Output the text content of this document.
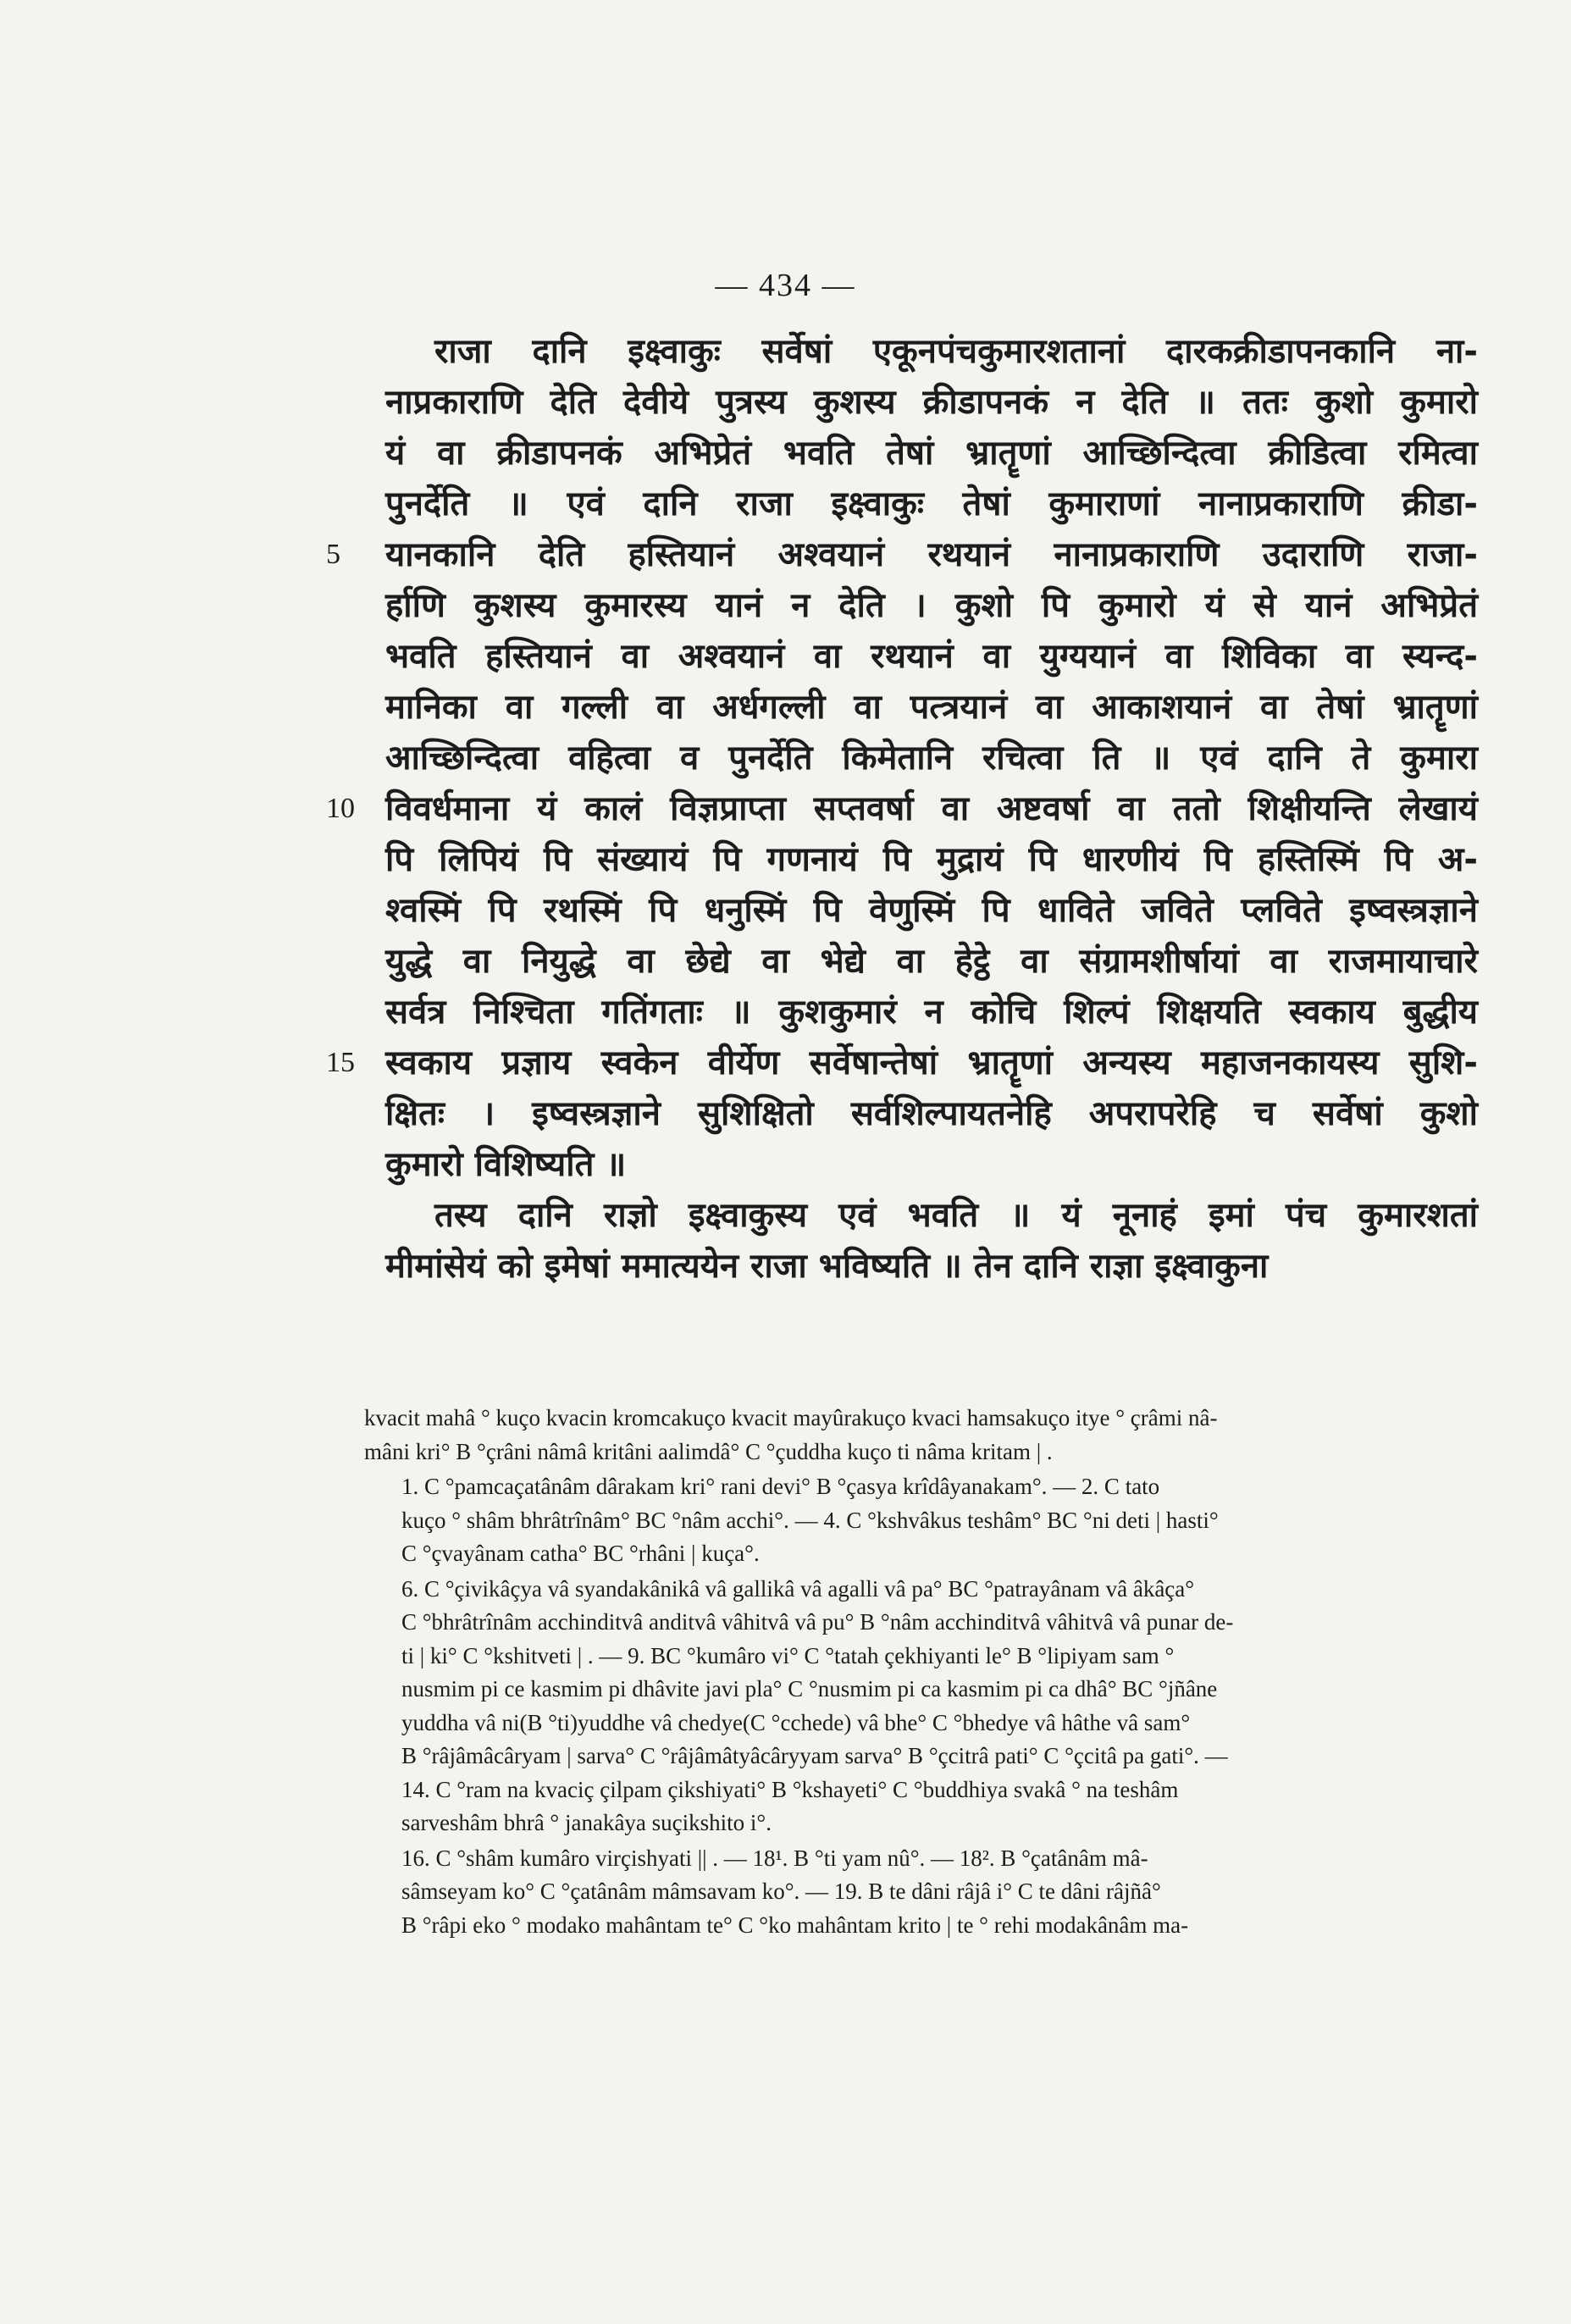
— 434 —
राजा दानि इक्ष्वाकुः सर्वेषां एकूनपंचकुमारशतानां दारकक्रीडापनकानि ना-
नाप्रकाराणि देति देवीये पुत्रस्य कुशस्य क्रीडापनकं न देति ॥ ततः कुशो कुमारो
यं वा क्रीडापनकं अभिप्रेतं भवति तेषां भ्रातॄणां आच्छिन्दित्वा क्रीडित्वा रमित्वा
पुनर्देति ॥ एवं दानि राजा इक्ष्वाकुः तेषां कुमाराणां नानाप्रकाराणि क्रीडा-
5	यानकानि देति हस्तियानं अश्वयानं रथयानं नानाप्रकाराणि उदाराणि राजा-
र्हाणि कुशस्य कुमारस्य यानं न देति । कुशो पि कुमारो यं से यानं अभिप्रेतं
भवति हस्तियानं वा अश्वयानं वा रथयानं वा युग्ययानं वा शिविका वा स्यन्द-
मानिका वा गल्ली वा अर्धगल्ली वा पत्त्रयानं वा आकाशयानं वा तेषां भ्रातॄणां
आच्छिन्दित्वा वहित्वा व पुनर्देति किमेतानि रचित्वा ति ॥ एवं दानि ते कुमारा
10 विवर्धमाना यं कालं विज्ञप्राप्ता सप्तवर्षा वा अष्टवर्षा वा ततो शिक्षीयन्ति लेखायं
पि लिपियं पि संख्यायं पि गणनायं पि मुद्रायं पि धारणीयं पि हस्तिस्मिं पि अ-
श्वस्मिं पि रथस्मिं पि धनुस्मिं पि वेणुस्मिं पि धावितेे जवितेे प्लवितेे इष्वस्त्रज्ञाने
युद्धे वा नियुद्धे वा छेद्ये वा भेद्ये वा हेट्ठे वा संग्रामशीर्षायां वा राजमायाचारे
सर्वत्र निश्चिता गतिंगताः ॥ कुशकुमारं न कोचि शिल्पं शिक्षयति स्वकाय बुद्धीय
15 स्वकाय प्रज्ञाय स्वकेन वीर्येण सर्वेषान्तेषां भ्रातॄणां अन्यस्य महाजनकायस्य सुशि-
क्षितः । इष्वस्त्रज्ञाने सुशिक्षितो सर्वशिल्पायतनेहि अपरापरेहि च सर्वेषां कुशो
कुमारो विशिष्यति ॥
तस्य दानि राज्ञो इक्ष्वाकुस्य एवं भवति ॥ यं नूनाहं इमां पंच कुमारशतां
मीमांसेयं को इमेषां ममात्ययेन राजा भविष्यति ॥ तेन दानि राज्ञा इक्ष्वाकुना

kvacit mahâ ° kuço kvacin kromcakuço kvacit mayûrakuço kvaci hamsakuço itye ° çrâmi nâ-
mâni kri° B °çrâni nâmâ kritâni aalimdâ° C °çuddha kuço ti nâma kritam | .

1. C °pamcaçatânâm dârakam kri° rani devi° B °çasya krîdâyanakam°. — 2. C tato
kuço ° shâm bhrâtrînâm° BC °nâm acchi°. — 4. C °kshvâkus teshâm° BC °ni deti | hasti°
C °çvayânam catha° BC °rhâni | kuça°.

6. C °çivikâçya vâ syandakânikâ vâ gallikâ vâ agalli vâ pa° BC °patrayânam vâ âkâça°
C °bhrâtrînâm acchinditvâ anditvâ vâhitvâ vâ pu° B °nâm acchinditvâ vâhitvâ vâ punar de-
ti | ki° C °kshitveti | . — 9. BC °kumâro vi° C °tatah çekhiyanti le° B °lipiyam sam °
nusmim pi ce kasmim pi dhâvite javi pla° C °nusmim pi ca kasmim pi ca dhâ° BC °jñâne
yuddha vâ ni(B °ti)yuddhe vâ chedye(C °cchede) vâ bhe° C °bhedye vâ hâthe vâ sam°
B °râjâmâcâryam | sarva° C °râjâmâtyâcâryyam sarva° B °çcitrâ pati° C °çcitâ pa gati°. —
14. C °ram na kvaciç çilpam çikshiyati° B °kshayeti° C °buddhiya svakâ ° na teshâm
sarveshâm bhrâ ° janakâya suçikshito i°.

16. C °shâm kumâro virçishyati || . — 18¹. B °ti yam nû°. — 18². B °çatânâm mâ-
sâmseyam ko° C °çatânâm mâmsavam ko°. — 19. B te dâni râjâ i° C te dâni râjñâ°
B °râpi eko ° modako mahântam te° C °ko mahântam krito | te ° rehi modakânâm ma-
